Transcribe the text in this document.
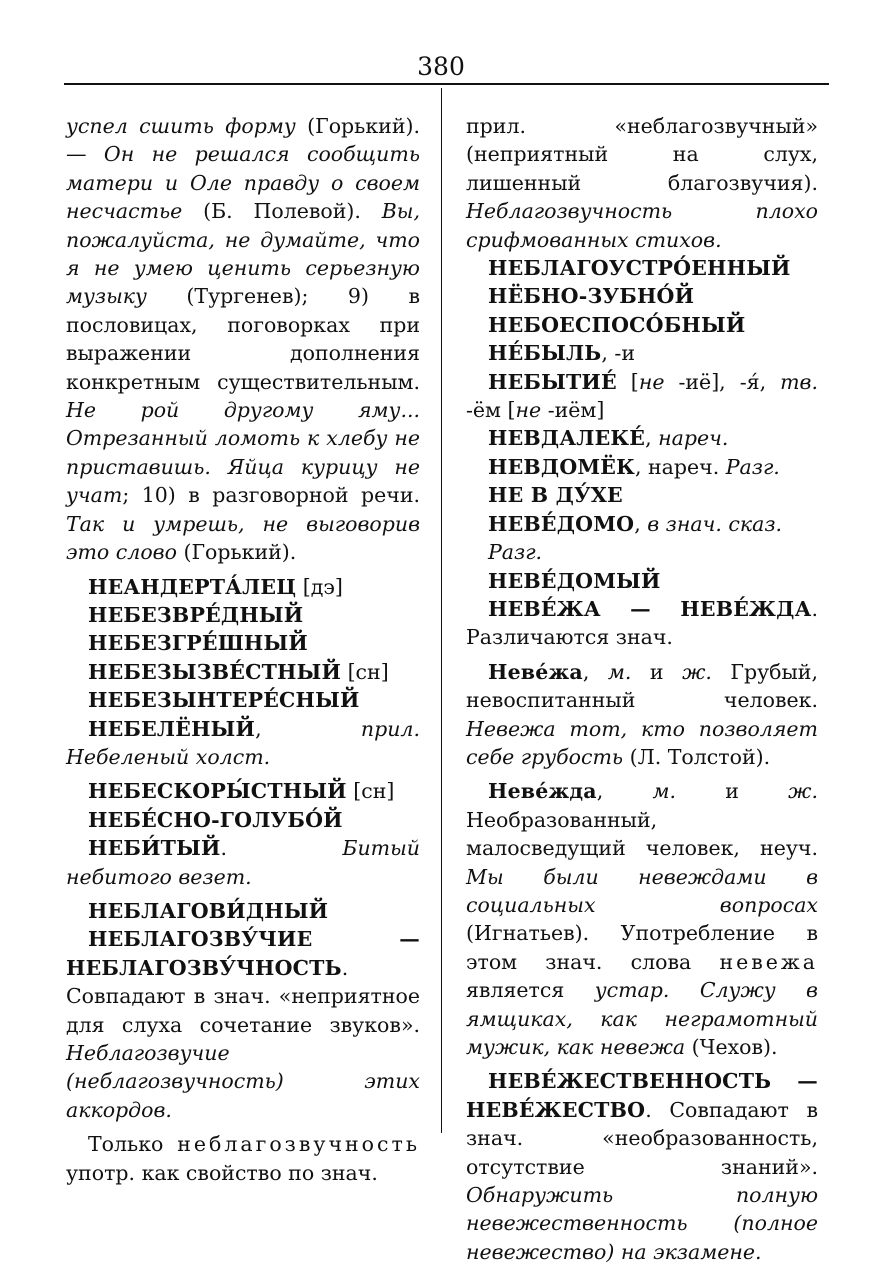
380

успел сшить форму (Горький). — Он не решался сообщить матери и Оле правду о своем несчастье (Б. Полевой). Вы, пожалуйста, не думайте, что я не умею ценить серьезную музыку (Тургенев); 9) в пословицах, поговорках при выражении дополнения конкретным существительным. Не рой другому яму... Отрезанный ломоть к хлебу не приставишь. Яйца курицу не учат; 10) в разговорной речи. Так и умрешь, не выговорив это слово (Горький).

НЕАНДЕРТА́ЛЕЦ [дэ]

НЕБЕЗВРЕ́ДНЫЙ

НЕБЕЗГРЕ́ШНЫЙ

НЕБЕЗЫЗВЕ́СТНЫЙ [сн]

НЕБЕЗЫНТЕРЕ́СНЫЙ

НЕБЕЛЁНЫЙ, прил. Небеленый холст.

НЕБЕСКОРЫ́СТНЫЙ [сн]

НЕБЕ́СНО-ГОЛУБО́Й

НЕБИ́ТЫЙ. Битый небитого везет.

НЕБЛАГОВИ́ДНЫЙ

НЕБЛАГОЗВУ́ЧИЕ — НЕБЛАГОЗВУ́ЧНОСТЬ. Совпадают в знач. «неприятное для слуха сочетание звуков». Неблагозвучие (неблагозвучность) этих аккордов.

Только неблагозвучность употр. как свойство по знач.

прил. «неблагозвучный» (неприятный на слух, лишенный благозвучия). Неблагозвучность плохо срифмованных стихов.

НЕБЛАГОУСТРО́ЕННЫЙ

НЁБНО-ЗУБНО́Й

НЕБОЕСПОСО́БНЫЙ

НЕ́БЫЛЬ, -и

НЕБЫТИЕ́ [не -иё], -я́, тв. -ём [не -иём]

НЕВДАЛЕКЕ́, нареч.

НЕВДОМЁК, нареч. Разг.

НЕ В ДУ́ХЕ

НЕВЕ́ДОМО, в знач. сказ. Разг.

НЕВЕ́ДОМЫЙ

НЕВЕ́ЖА — НЕВЕ́ЖДА. Различаются знач.

Неве́жа, м. и ж. Грубый, невоспитанный человек. Невежа тот, кто позволяет себе грубость (Л. Толстой).

Неве́жда, м. и ж. Необразованный, малосведущий человек, неуч. Мы были невеждами в социальных вопросах (Игнатьев). Употребление в этом знач. слова невежа является устар. Служу в ямщиках, как неграмотный мужик, как невежа (Чехов).

НЕВЕ́ЖЕСТВЕННОСТЬ — НЕВЕ́ЖЕСТВО. Совпадают в знач. «необразованность, отсутствие знаний». Обнаружить полную невежественность (полное невежество) на экзамене.
